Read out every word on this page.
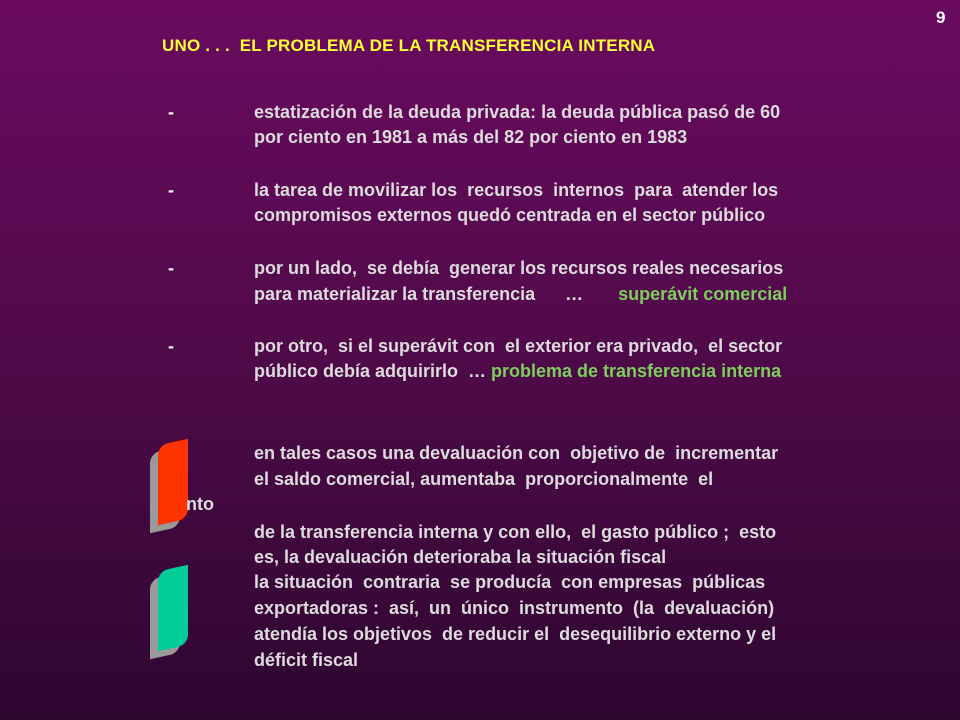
9
UNO . . .  EL PROBLEMA DE LA TRANSFERENCIA INTERNA
-	estatización de la deuda privada: la deuda pública pasó de 60
por ciento en 1981 a más del 82 por ciento en 1983
-	la tarea de movilizar los  recursos  internos  para  atender los
compromisos externos quedó centrada en el sector público
-	por un lado,  se debía  generar los recursos reales necesarios
para materializar la transferencia      … superávit comercial
-	por otro,  si el superávit con  el exterior era privado,  el sector
público debía adquirirlo  … problema de transferencia interna
en tales casos una devaluación con  objetivo de  incrementar
el saldo comercial, aumentaba  proporcionalmente  el
nto
de la transferencia interna y con ello,  el gasto público ;  esto
es, la devaluación deterioraba la situación fiscal
la situación  contraria  se producía  con empresas  públicas
exportadoras :  así,  un  único  instrumento  (la  devaluación)
atendía los objetivos  de reducir el  desequilibrio externo y el
déficit fiscal
